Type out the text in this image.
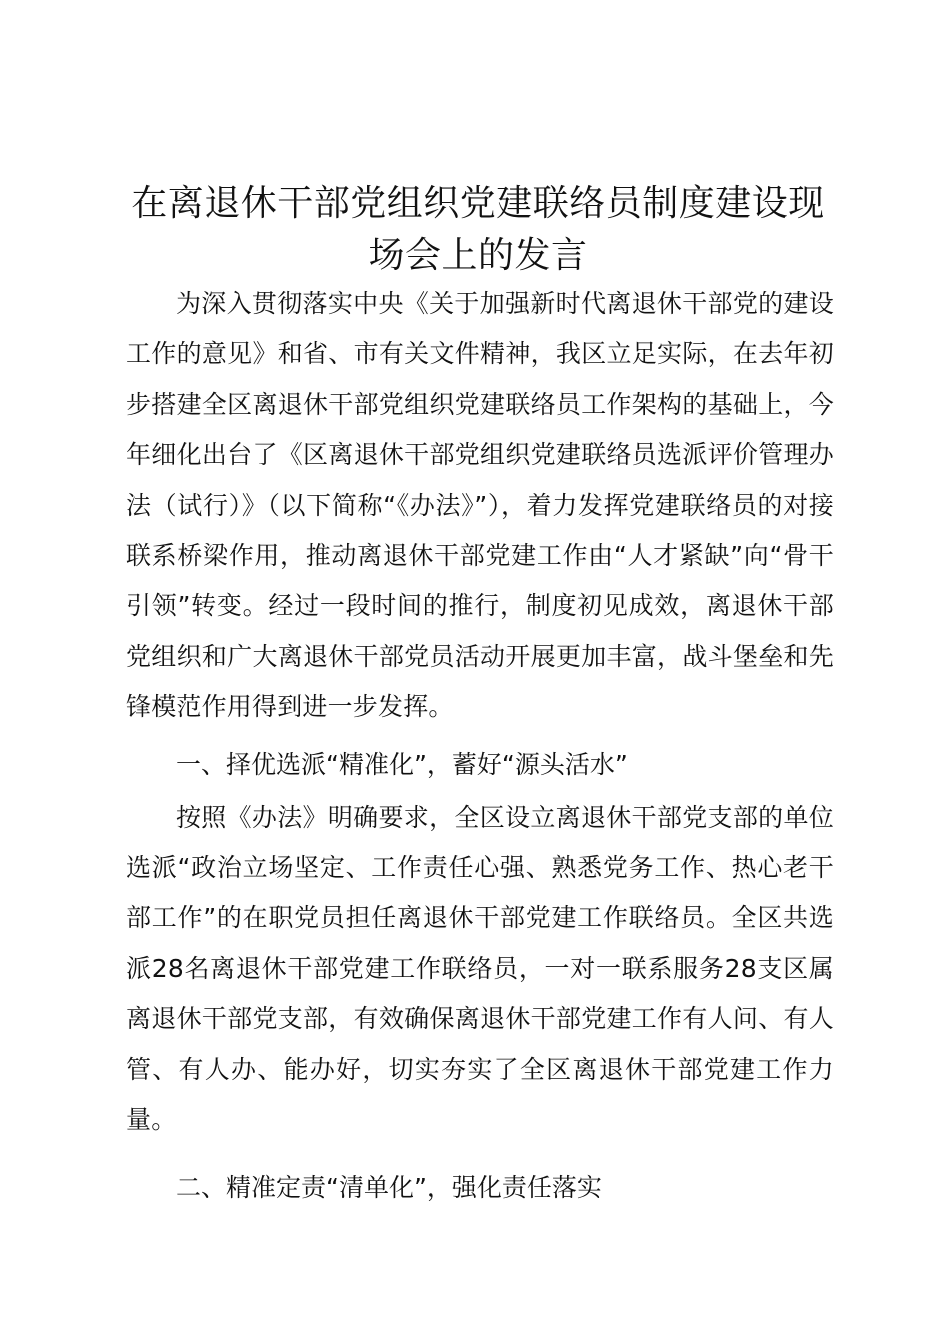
在离退休干部党组织党建联络员制度建设现场会上的发言

为深入贯彻落实中央《关于加强新时代离退休干部党的建设工作的意见》和省、市有关文件精神，我区立足实际，在去年初步搭建全区离退休干部党组织党建联络员工作架构的基础上，今年细化出台了《区离退休干部党组织党建联络员选派评价管理办法（试行）》（以下简称“《办法》”），着力发挥党建联络员的对接联系桥梁作用，推动离退休干部党建工作由“人才紧缺”向“骨干引领”转变。经过一段时间的推行，制度初见成效，离退休干部党组织和广大离退休干部党员活动开展更加丰富，战斗堡垒和先锋模范作用得到进一步发挥。

一、择优选派“精准化”，蓄好“源头活水”

按照《办法》明确要求，全区设立离退休干部党支部的单位选派“政治立场坚定、工作责任心强、熟悉党务工作、热心老干部工作”的在职党员担任离退休干部党建工作联络员。全区共选派28名离退休干部党建工作联络员，一对一联系服务28支区属离退休干部党支部，有效确保离退休干部党建工作有人问、有人管、有人办、能办好，切实夯实了全区离退休干部党建工作力量。

二、精准定责“清单化”，强化责任落实
